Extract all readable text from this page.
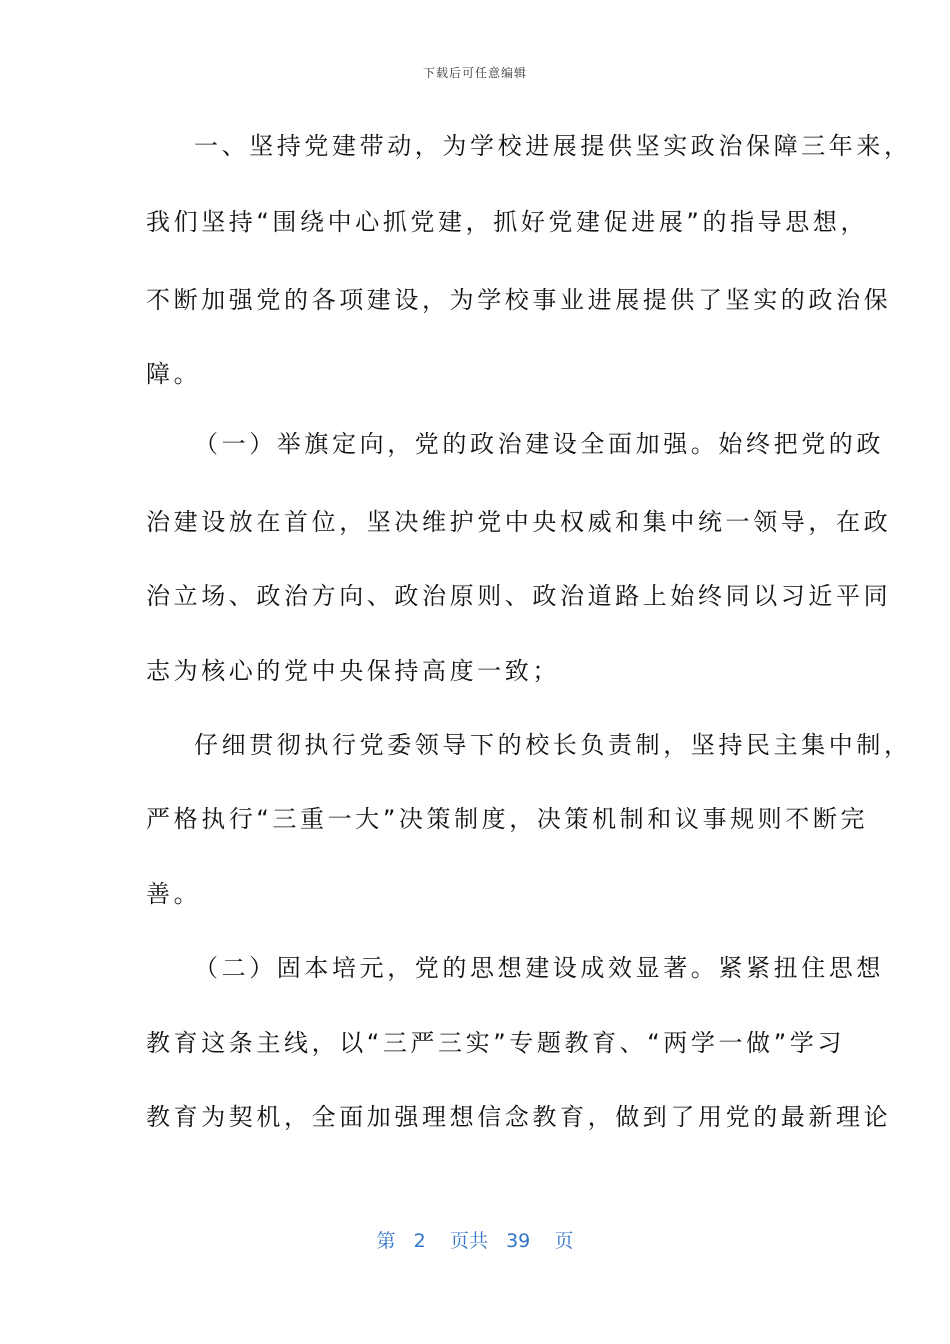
下载后可任意编辑
一、坚持党建带动，为学校进展提供坚实政治保障三年来，
我们坚持“围绕中心抓党建，抓好党建促进展”的指导思想，
不断加强党的各项建设，为学校事业进展提供了坚实的政治保
障。
（一）举旗定向，党的政治建设全面加强。始终把党的政
治建设放在首位，坚决维护党中央权威和集中统一领导，在政
治立场、政治方向、政治原则、政治道路上始终同以习近平同
志为核心的党中央保持高度一致；
仔细贯彻执行党委领导下的校长负责制，坚持民主集中制，
严格执行“三重一大”决策制度，决策机制和议事规则不断完
善。
（二）固本培元，党的思想建设成效显著。紧紧扭住思想
教育这条主线，以“三严三实”专题教育、“两学一做”学习
教育为契机，全面加强理想信念教育，做到了用党的最新理论
第 2 页共 39 页
